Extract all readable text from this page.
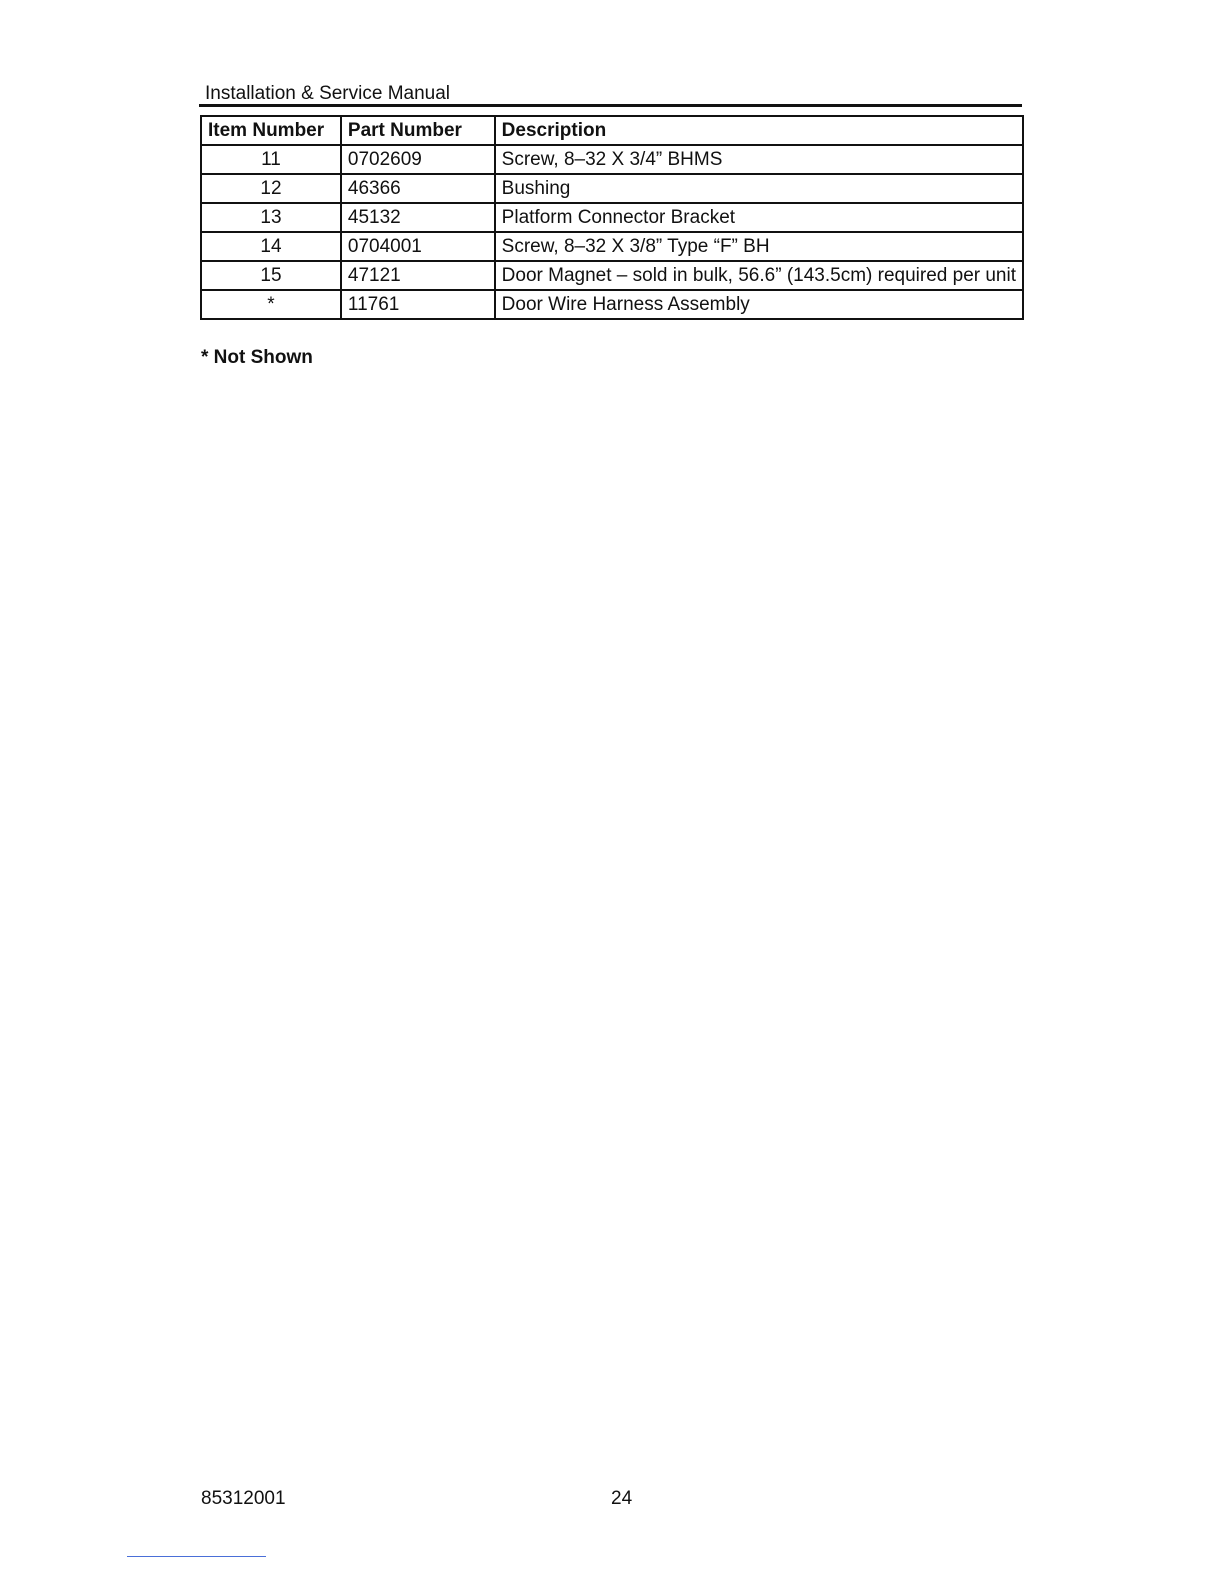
Installation & Service Manual
Item Number	Part Number	Description
11	0702609	Screw, 8–32 X 3/4” BHMS
12	46366	Bushing
13	45132	Platform Connector Bracket
14	0704001	Screw, 8–32 X 3/8” Type “F” BH
15	47121	Door Magnet – sold in bulk, 56.6” (143.5cm) required per unit
*	11761	Door Wire Harness Assembly
* Not Shown
85312001	24
